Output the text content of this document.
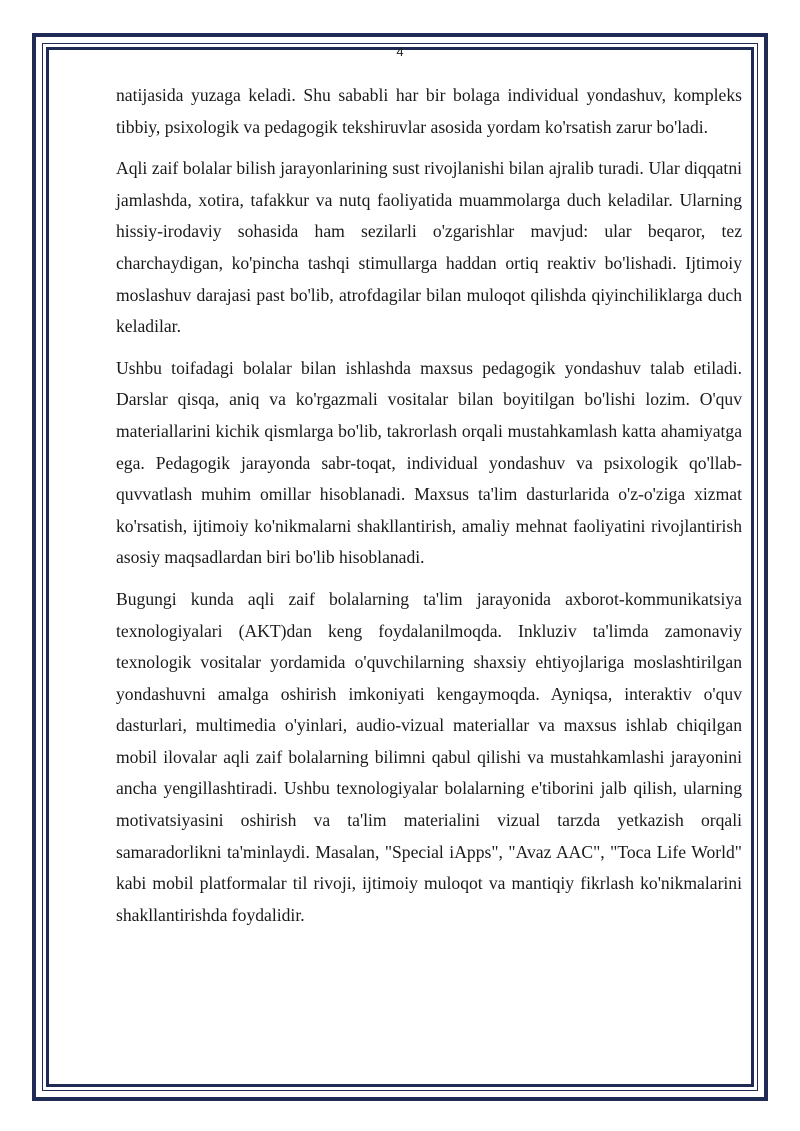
4

natijasida yuzaga keladi. Shu sababli har bir bolaga individual yondashuv, kompleks tibbiy, psixologik va pedagogik tekshiruvlar asosida yordam ko'rsatish zarur bo'ladi.

Aqli zaif bolalar bilish jarayonlarining sust rivojlanishi bilan ajralib turadi. Ular diqqatni jamlashda, xotira, tafakkur va nutq faoliyatida muammolarga duch keladilar. Ularning hissiy-irodaviy sohasida ham sezilarli o'zgarishlar mavjud: ular beqaror, tez charchaydigan, ko'pincha tashqi stimullarga haddan ortiq reaktiv bo'lishadi. Ijtimoiy moslashuv darajasi past bo'lib, atrofdagilar bilan muloqot qilishda qiyinchiliklarga duch keladilar.

Ushbu toifadagi bolalar bilan ishlashda maxsus pedagogik yondashuv talab etiladi. Darslar qisqa, aniq va ko'rgazmali vositalar bilan boyitilgan bo'lishi lozim. O'quv materiallarini kichik qismlarga bo'lib, takrorlash orqali mustahkamlash katta ahamiyatga ega. Pedagogik jarayonda sabr-toqat, individual yondashuv va psixologik qo'llab-quvvatlash muhim omillar hisoblanadi. Maxsus ta'lim dasturlarida o'z-o'ziga xizmat ko'rsatish, ijtimoiy ko'nikmalarni shakllantirish, amaliy mehnat faoliyatini rivojlantirish asosiy maqsadlardan biri bo'lib hisoblanadi.

Bugungi kunda aqli zaif bolalarning ta'lim jarayonida axborot-kommunikatsiya texnologiyalari (AKT)dan keng foydalanilmoqda. Inkluziv ta'limda zamonaviy texnologik vositalar yordamida o'quvchilarning shaxsiy ehtiyojlariga moslashtirilgan yondashuvni amalga oshirish imkoniyati kengaymoqda. Ayniqsa, interaktiv o'quv dasturlari, multimedia o'yinlari, audio-vizual materiallar va maxsus ishlab chiqilgan mobil ilovalar aqli zaif bolalarning bilimni qabul qilishi va mustahkamlashi jarayonini ancha yengillashtiradi. Ushbu texnologiyalar bolalarning e'tiborini jalb qilish, ularning motivatsiyasini oshirish va ta'lim materialini vizual tarzda yetkazish orqali samaradorlikni ta'minlaydi. Masalan, "Special iApps", "Avaz AAC", "Toca Life World" kabi mobil platformalar til rivoji, ijtimoiy muloqot va mantiqiy fikrlash ko'nikmalarini shakllantirishda foydalidir.
